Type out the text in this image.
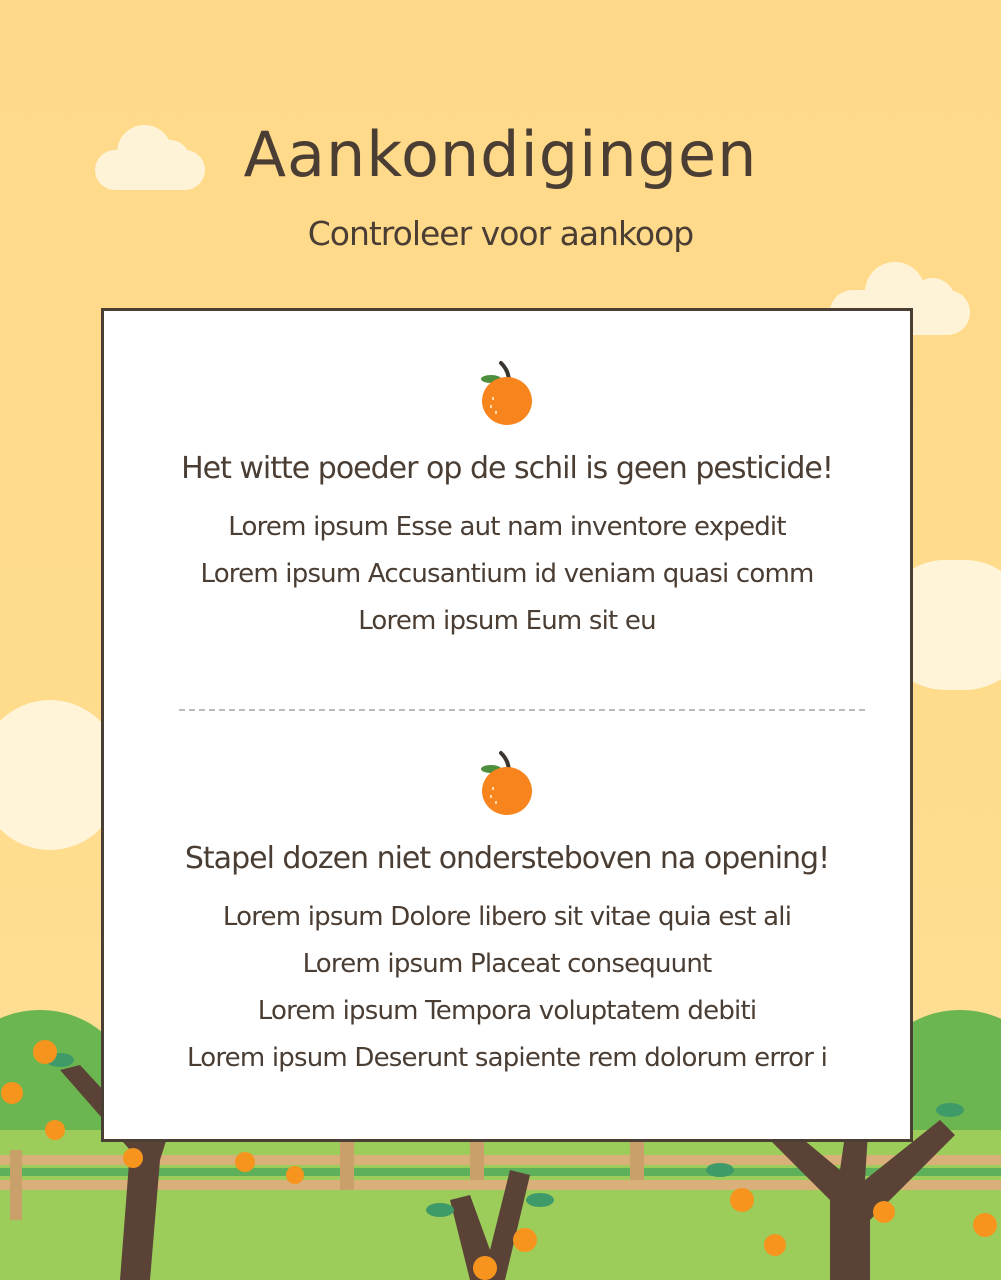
Aankondigingen
Controleer voor aankoop
Het witte poeder op de schil is geen pesticide!
Lorem ipsum Esse aut nam inventore expedit
Lorem ipsum Accusantium id veniam quasi comm
Lorem ipsum Eum sit eu
Stapel dozen niet ondersteboven na opening!
Lorem ipsum Dolore libero sit vitae quia est ali
Lorem ipsum Placeat consequunt
Lorem ipsum Tempora voluptatem debiti
Lorem ipsum Deserunt sapiente rem dolorum error i
